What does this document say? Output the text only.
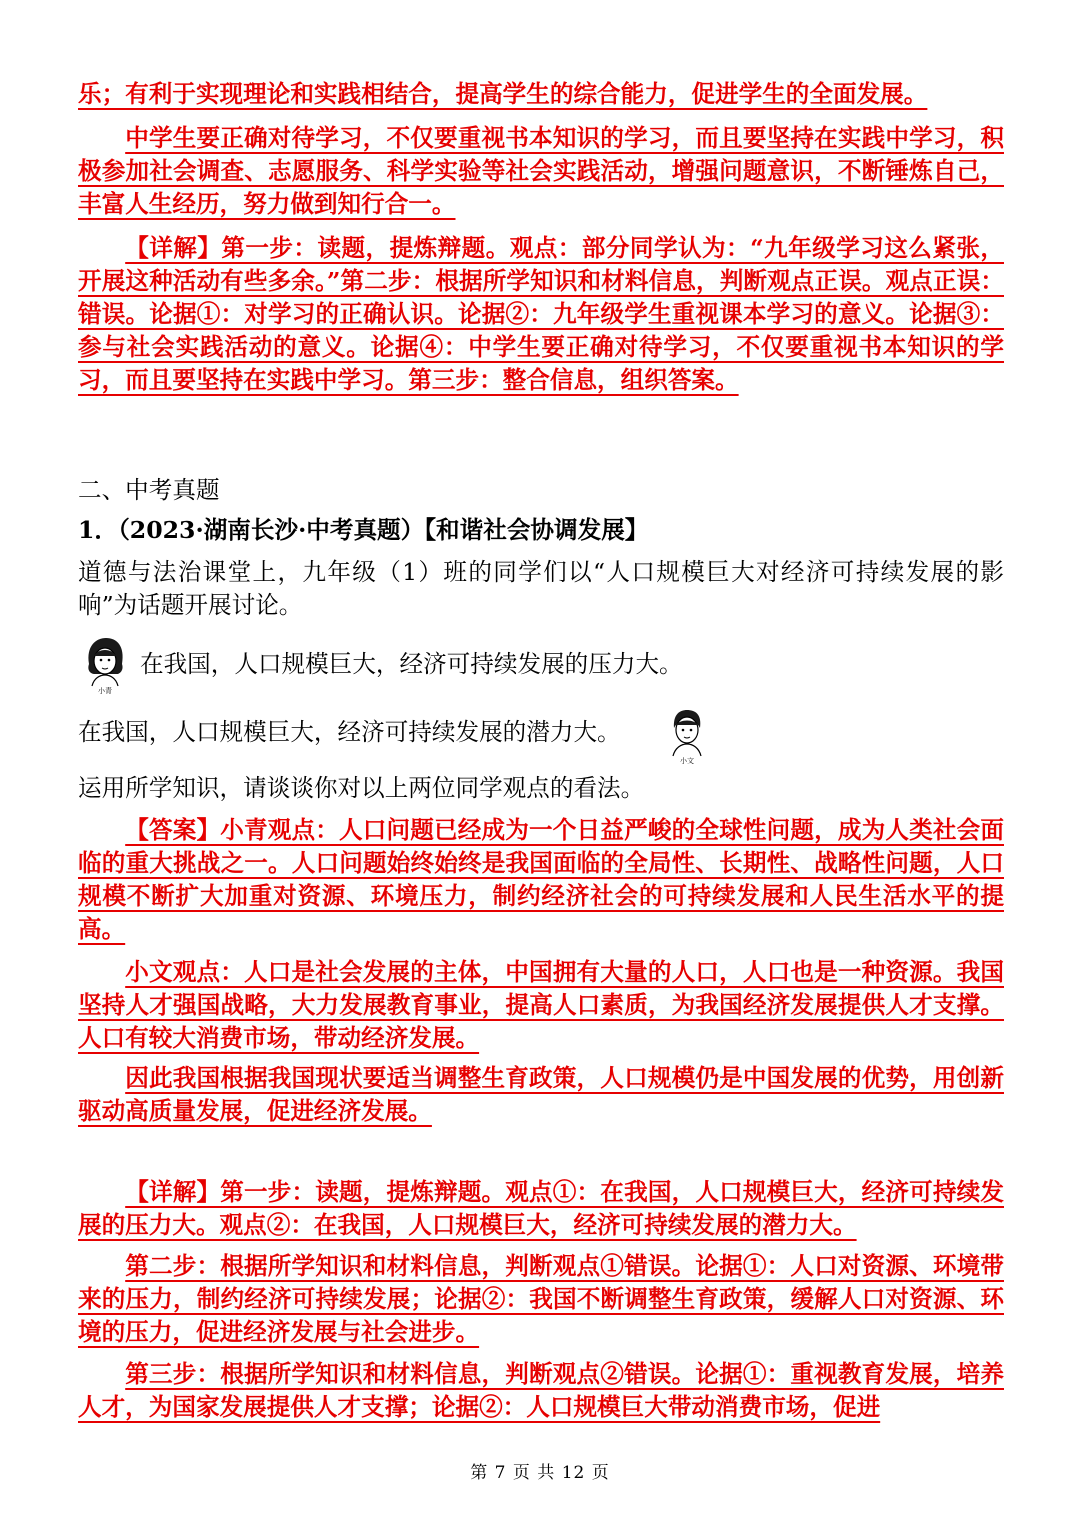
乐；有利于实现理论和实践相结合，提高学生的综合能力，促进学生的全面发展。
中学生要正确对待学习，不仅要重视书本知识的学习，而且要坚持在实践中学习，积极参加社会调查、志愿服务、科学实验等社会实践活动，增强问题意识，不断锤炼自己，丰富人生经历，努力做到知行合一。
【详解】第一步：读题，提炼辩题。观点：部分同学认为：“九年级学习这么紧张，开展这种活动有些多余。”第二步：根据所学知识和材料信息，判断观点正误。观点正误：错误。论据①：对学习的正确认识。论据②：九年级学生重视课本学习的意义。论据③：参与社会实践活动的意义。论据④：中学生要正确对待学习，不仅要重视书本知识的学习，而且要坚持在实践中学习。第三步：整合信息，组织答案。
二、中考真题
1．（2023·湖南长沙·中考真题）【和谐社会协调发展】
道德与法治课堂上，九年级（1）班的同学们以“人口规模巨大对经济可持续发展的影响”为话题开展讨论。
小青
在我国，人口规模巨大，经济可持续发展的压力大。
在我国，人口规模巨大，经济可持续发展的潜力大。
小文
运用所学知识，请谈谈你对以上两位同学观点的看法。
【答案】小青观点：人口问题已经成为一个日益严峻的全球性问题，成为人类社会面临的重大挑战之一。人口问题始终始终是我国面临的全局性、长期性、战略性问题，人口规模不断扩大加重对资源、环境压力，制约经济社会的可持续发展和人民生活水平的提高。
小文观点：人口是社会发展的主体，中国拥有大量的人口，人口也是一种资源。我国坚持人才强国战略，大力发展教育事业，提高人口素质，为我国经济发展提供人才支撑。人口有较大消费市场，带动经济发展。
因此我国根据我国现状要适当调整生育政策，人口规模仍是中国发展的优势，用创新驱动高质量发展，促进经济发展。
【详解】第一步：读题，提炼辩题。观点①：在我国，人口规模巨大，经济可持续发展的压力大。观点②：在我国，人口规模巨大，经济可持续发展的潜力大。
第二步：根据所学知识和材料信息，判断观点①错误。论据①：人口对资源、环境带来的压力，制约经济可持续发展；论据②：我国不断调整生育政策，缓解人口对资源、环境的压力，促进经济发展与社会进步。
第三步：根据所学知识和材料信息，判断观点②错误。论据①：重视教育发展，培养人才，为国家发展提供人才支撑；论据②：人口规模巨大带动消费市场，促进
第 7 页 共 12 页
